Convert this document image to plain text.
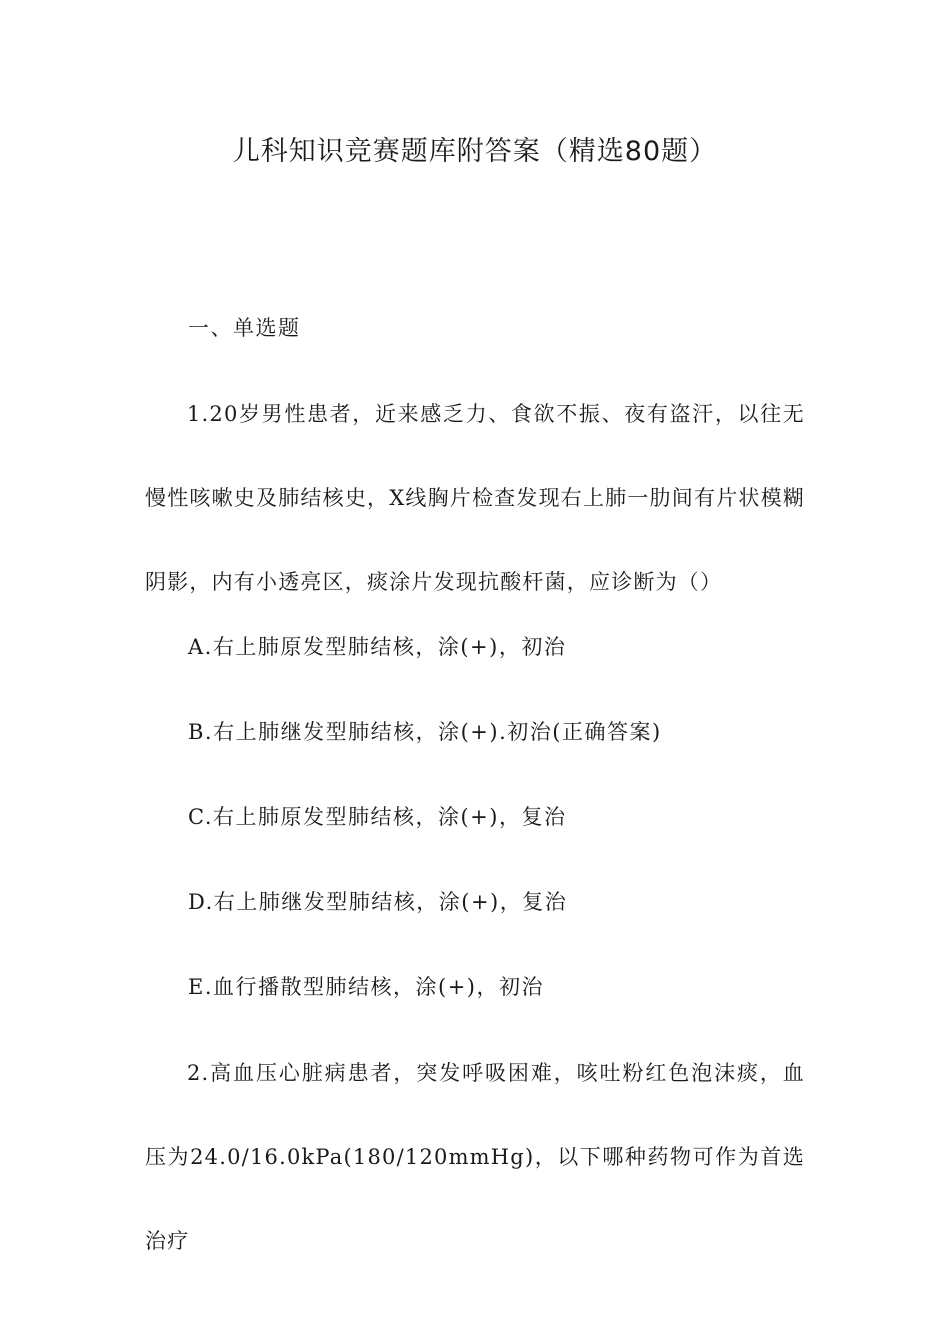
儿科知识竞赛题库附答案（精选80题）
一、单选题
1.20岁男性患者，近来感乏力、食欲不振、夜有盗汗，以往无慢性咳嗽史及肺结核史，X线胸片检查发现右上肺一肋间有片状模糊阴影，内有小透亮区，痰涂片发现抗酸杆菌，应诊断为（）
A.右上肺原发型肺结核，涂(+)，初治
B.右上肺继发型肺结核，涂(+).初治(正确答案)
C.右上肺原发型肺结核，涂(+)，复治
D.右上肺继发型肺结核，涂(+)，复治
E.血行播散型肺结核，涂(+)，初治
2.高血压心脏病患者，突发呼吸困难，咳吐粉红色泡沫痰，血压为24.0/16.0kPa(180/120mmHg)，以下哪种药物可作为首选治疗
